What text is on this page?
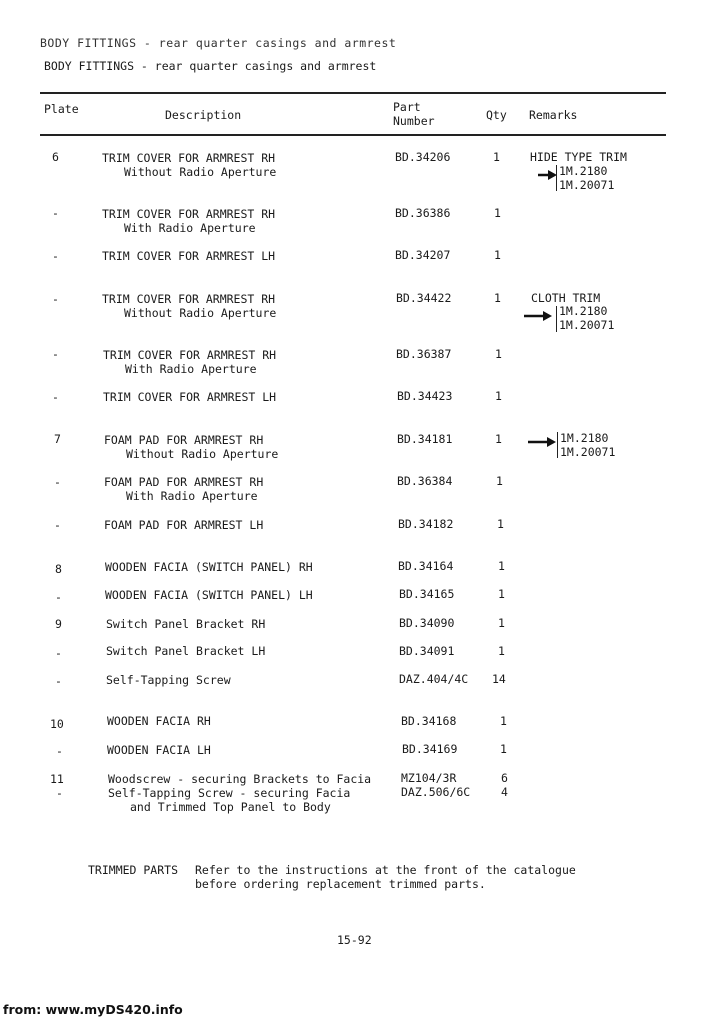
BODY FITTINGS - rear quarter casings and armrest
BODY FITTINGS - rear quarter casings and armrest
Plate	Description
Part
Number	Qty Remarks
6	TRIM COVER FOR ARMREST RH
Without Radio Aperture
BD.34206	1	HIDE TYPE TRIM
1M.2180
1M.20071
-	TRIM COVER FOR ARMREST RH
With Radio Aperture
BD.36386	1
-	TRIM COVER FOR ARMREST LH	BD.34207	1
-	TRIM COVER FOR ARMREST RH
Without Radio Aperture
BD.34422	1	CLOTH TRIM
1M.2180
1M.20071
-	TRIM COVER FOR ARMREST RH
With Radio Aperture
BD.36387	1
-	TRIM COVER FOR ARMREST LH	BD.34423	1
7	FOAM PAD FOR ARMREST RH
Without Radio Aperture
BD.34181	1	1M.2180
1M.20071
-	FOAM PAD FOR ARMREST RH
With Radio Aperture
BD.36384	1
-	FOAM PAD FOR ARMREST LH	BD.34182	1
8	WOODEN FACIA (SWITCH PANEL) RH	BD.34164	1
-	WOODEN FACIA (SWITCH PANEL) LH	BD.34165	1
9	Switch Panel Bracket RH	BD.34090	1
-	Switch Panel Bracket LH	BD.34091	1
-	Self-Tapping Screw	DAZ.404/4C 14
10	WOODEN FACIA RH	BD.34168	1
-	WOODEN FACIA LH	BD.34169	1
11	Woodscrew - securing Brackets to Facia	MZ104/3R	6
-	Self-Tapping Screw - securing Facia
and Trimmed Top Panel to Body
DAZ.506/6C	4
TRIMMED PARTS Refer to the instructions at the front of the catalogue
before ordering replacement trimmed parts.
15-92
from: www.myDS420.info
